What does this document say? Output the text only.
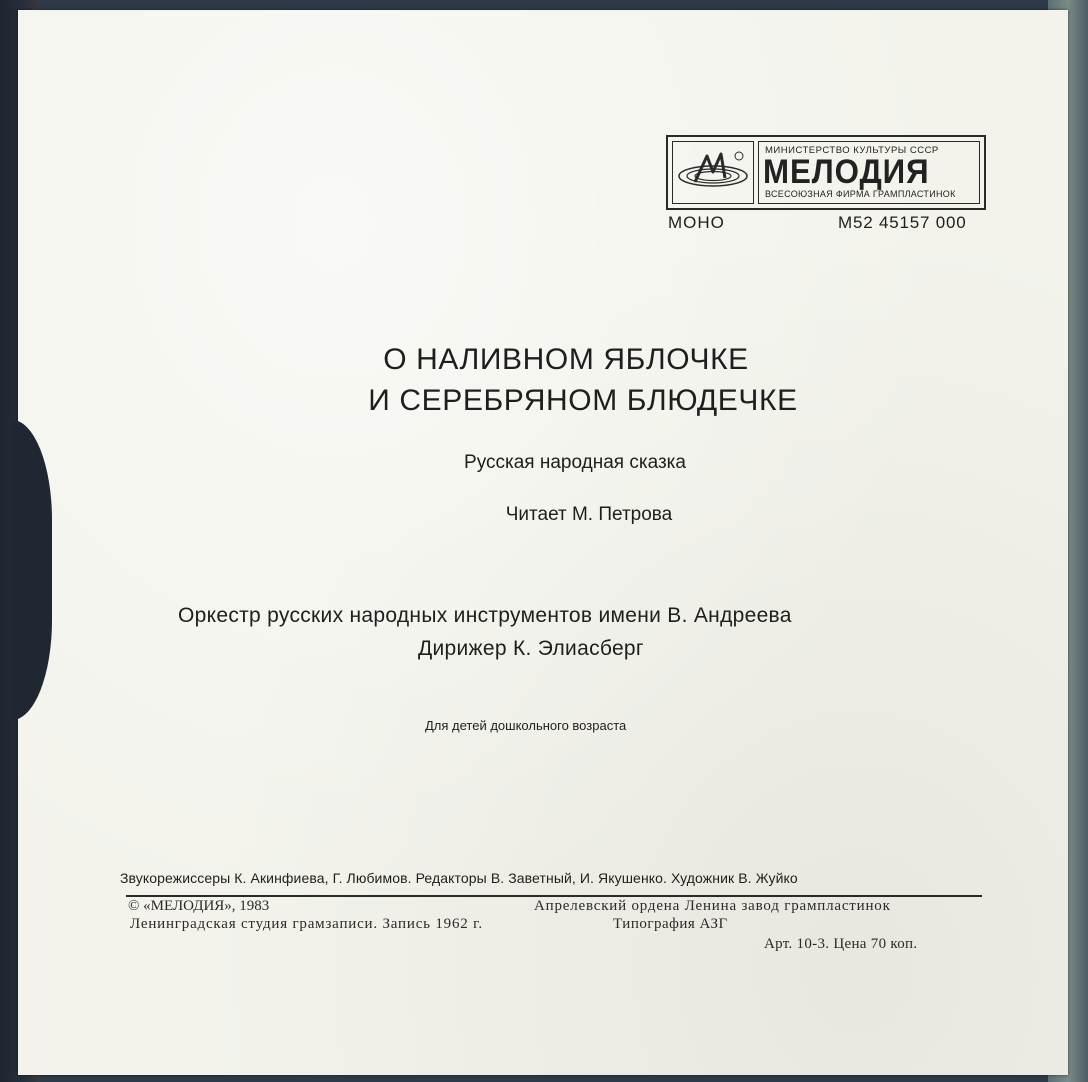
МИНИСТЕРСТВО КУЛЬТУРЫ СССР
МЕЛОДИЯ
ВСЕСОЮЗНАЯ ФИРМА ГРАМПЛАСТИНОК
МОНО	М52 45157 000
О НАЛИВНОМ ЯБЛОЧКЕ
И СЕРЕБРЯНОМ БЛЮДЕЧКЕ
Русская народная сказка
Читает М. Петрова
Оркестр русских народных инструментов имени В. Андреева
Дирижер К. Элиасберг
Для детей дошкольного возраста
Звукорежиссеры К. Акинфиева, Г. Любимов. Редакторы В. Заветный, И. Якушенко. Художник В. Жуйко
© «МЕЛОДИЯ», 1983	Апрелевский ордена Ленина завод грампластинок
Ленинградская студия грамзаписи. Запись 1962 г.	Типография АЗГ
Арт. 10-3. Цена 70 коп.
